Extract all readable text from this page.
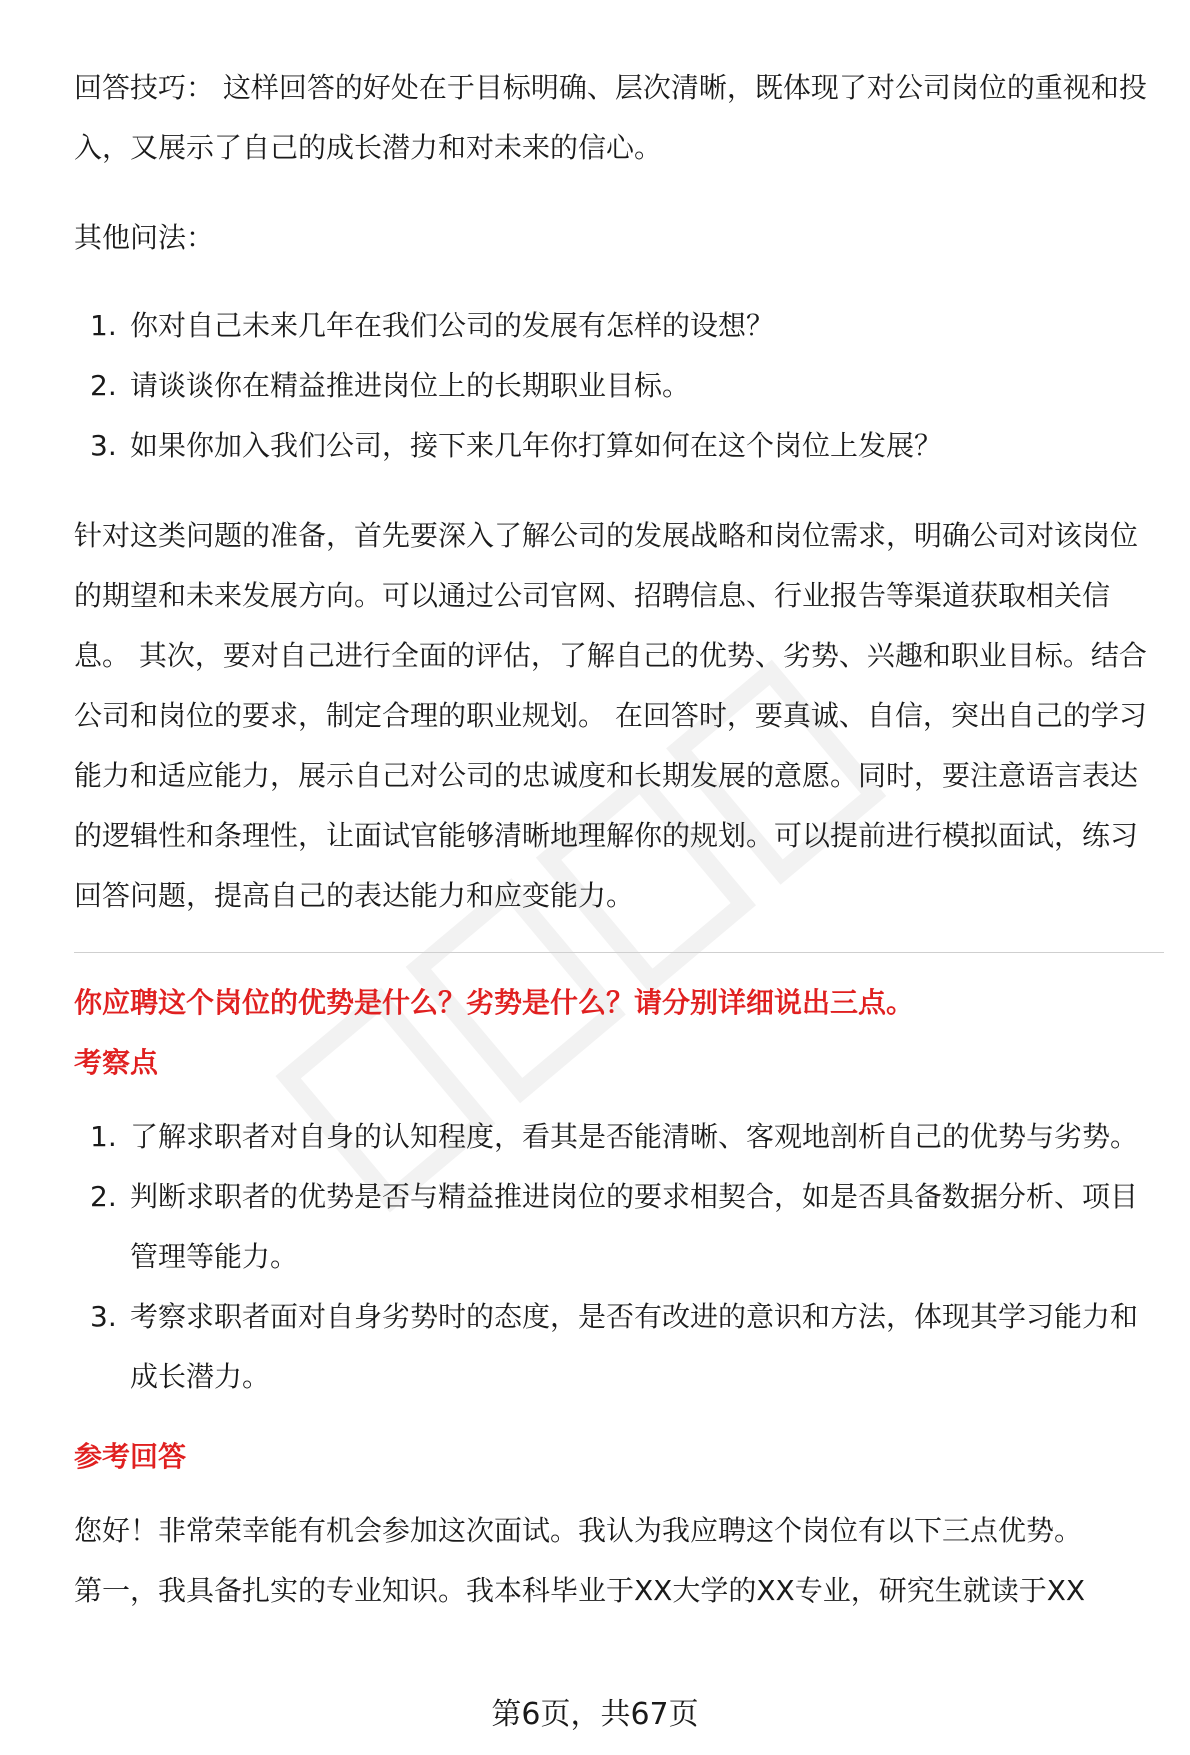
回答技巧： 这样回答的好处在于目标明确、层次清晰，既体现了对公司岗位的重视和投入，又展示了自己的成长潜力和对未来的信心。

其他问法：

1. 你对自己未来几年在我们公司的发展有怎样的设想？
2. 请谈谈你在精益推进岗位上的长期职业目标。
3. 如果你加入我们公司，接下来几年你打算如何在这个岗位上发展？

针对这类问题的准备，首先要深入了解公司的发展战略和岗位需求，明确公司对该岗位的期望和未来发展方向。可以通过公司官网、招聘信息、行业报告等渠道获取相关信息。 其次，要对自己进行全面的评估，了解自己的优势、劣势、兴趣和职业目标。结合公司和岗位的要求，制定合理的职业规划。 在回答时，要真诚、自信，突出自己的学习能力和适应能力，展示自己对公司的忠诚度和长期发展的意愿。同时，要注意语言表达的逻辑性和条理性，让面试官能够清晰地理解你的规划。可以提前进行模拟面试，练习回答问题，提高自己的表达能力和应变能力。

你应聘这个岗位的优势是什么？劣势是什么？请分别详细说出三点。
考察点
1. 了解求职者对自身的认知程度，看其是否能清晰、客观地剖析自己的优势与劣势。
2. 判断求职者的优势是否与精益推进岗位的要求相契合，如是否具备数据分析、项目管理等能力。
3. 考察求职者面对自身劣势时的态度，是否有改进的意识和方法，体现其学习能力和成长潜力。
参考回答

您好！非常荣幸能有机会参加这次面试。我认为我应聘这个岗位有以下三点优势。

第一，我具备扎实的专业知识。我本科毕业于XX大学的XX专业，研究生就读于XX

第6页，共67页
